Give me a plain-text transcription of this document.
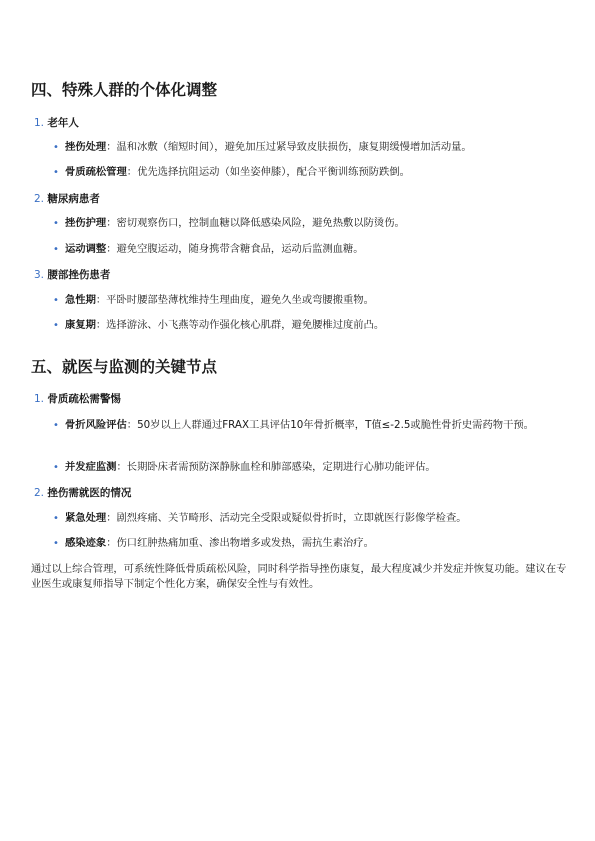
四、特殊人群的个体化调整
1. 老年人
• 挫伤处理：温和冰敷（缩短时间），避免加压过紧导致皮肤损伤，康复期缓慢增加活动量。
• 骨质疏松管理：优先选择抗阻运动（如坐姿伸膝），配合平衡训练预防跌倒。
2. 糖尿病患者
• 挫伤护理：密切观察伤口，控制血糖以降低感染风险，避免热敷以防烫伤。
• 运动调整：避免空腹运动，随身携带含糖食品，运动后监测血糖。
3. 腰部挫伤患者
• 急性期：平卧时腰部垫薄枕维持生理曲度，避免久坐或弯腰搬重物。
• 康复期：选择游泳、小飞燕等动作强化核心肌群，避免腰椎过度前凸。
五、就医与监测的关键节点
1. 骨质疏松需警惕
• 骨折风险评估：50岁以上人群通过FRAX工具评估10年骨折概率，T值≤-2.5或脆性骨折史需药物干预。
• 并发症监测：长期卧床者需预防深静脉血栓和肺部感染，定期进行心肺功能评估。
2. 挫伤需就医的情况
• 紧急处理：剧烈疼痛、关节畸形、活动完全受限或疑似骨折时，立即就医行影像学检查。
• 感染迹象：伤口红肿热痛加重、渗出物增多或发热，需抗生素治疗。

通过以上综合管理，可系统性降低骨质疏松风险，同时科学指导挫伤康复，最大程度减少并发症并恢复功能。建议在专业医生或康复师指导下制定个性化方案，确保安全性与有效性。
